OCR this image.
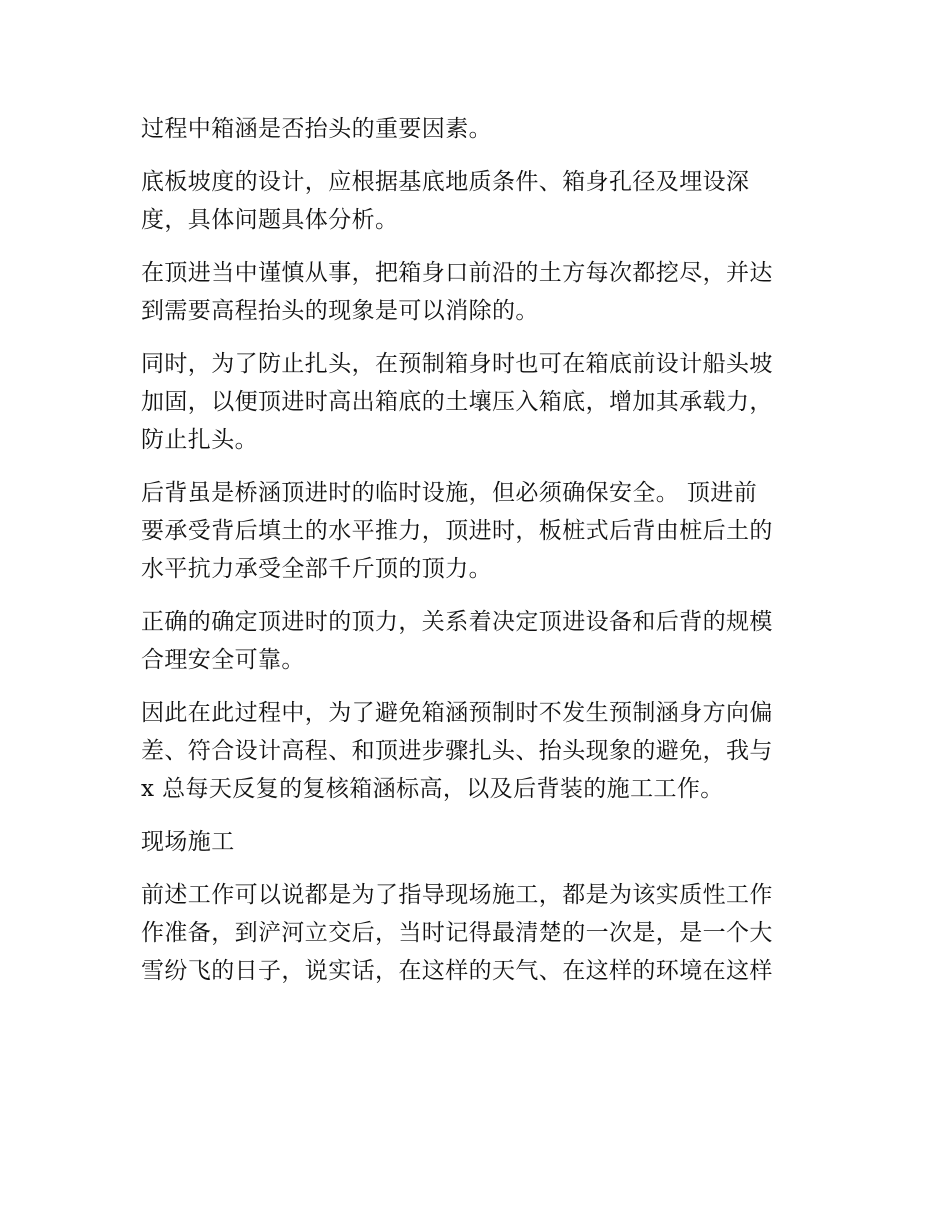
过程中箱涵是否抬头的重要因素。
底板坡度的设计，应根据基底地质条件、箱身孔径及埋设深
度，具体问题具体分析。
在顶进当中谨慎从事，把箱身口前沿的土方每次都挖尽，并达
到需要高程抬头的现象是可以消除的。
同时，为了防止扎头，在预制箱身时也可在箱底前设计船头坡
加固，以便顶进时高出箱底的土壤压入箱底，增加其承载力，
防止扎头。
后背虽是桥涵顶进时的临时设施，但必须确保安全。 顶进前
要承受背后填土的水平推力，顶进时，板桩式后背由桩后土的
水平抗力承受全部千斤顶的顶力。
正确的确定顶进时的顶力，关系着决定顶进设备和后背的规模
合理安全可靠。
因此在此过程中，为了避免箱涵预制时不发生预制涵身方向偏
差、符合设计高程、和顶进步骤扎头、抬头现象的避免，我与
x 总每天反复的复核箱涵标高，以及后背装的施工工作。
现场施工
前述工作可以说都是为了指导现场施工，都是为该实质性工作
作准备，到浐河立交后，当时记得最清楚的一次是，是一个大
雪纷飞的日子，说实话，在这样的天气、在这样的环境在这样
